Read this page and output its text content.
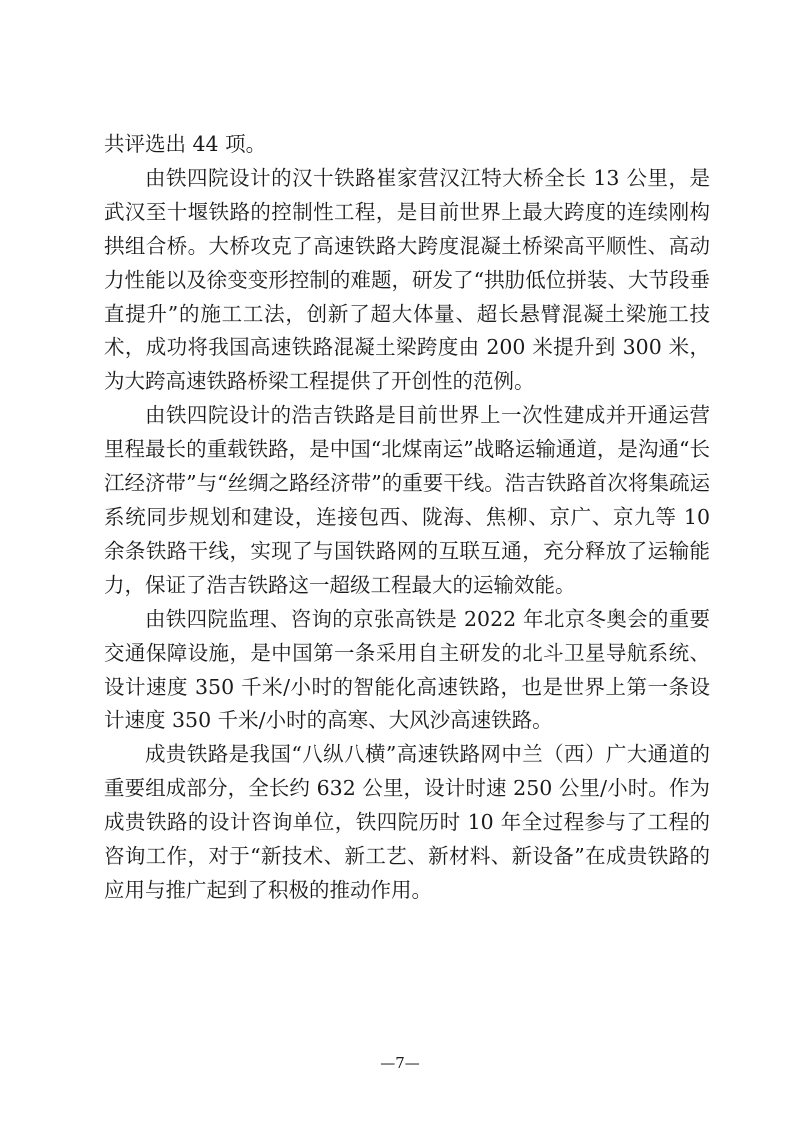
共评选出 44 项。

由铁四院设计的汉十铁路崔家营汉江特大桥全长 13 公里，是武汉至十堰铁路的控制性工程，是目前世界上最大跨度的连续刚构拱组合桥。大桥攻克了高速铁路大跨度混凝土桥梁高平顺性、高动力性能以及徐变变形控制的难题，研发了“拱肋低位拼装、大节段垂直提升”的施工工法，创新了超大体量、超长悬臂混凝土梁施工技术，成功将我国高速铁路混凝土梁跨度由 200 米提升到 300 米，为大跨高速铁路桥梁工程提供了开创性的范例。

由铁四院设计的浩吉铁路是目前世界上一次性建成并开通运营里程最长的重载铁路，是中国“北煤南运”战略运输通道，是沟通“长江经济带”与“丝绸之路经济带”的重要干线。浩吉铁路首次将集疏运系统同步规划和建设，连接包西、陇海、焦柳、京广、京九等 10 余条铁路干线，实现了与国铁路网的互联互通，充分释放了运输能力，保证了浩吉铁路这一超级工程最大的运输效能。

由铁四院监理、咨询的京张高铁是 2022 年北京冬奥会的重要交通保障设施，是中国第一条采用自主研发的北斗卫星导航系统、设计速度 350 千米/小时的智能化高速铁路，也是世界上第一条设计速度 350 千米/小时的高寒、大风沙高速铁路。

成贵铁路是我国“八纵八横”高速铁路网中兰（西）广大通道的重要组成部分，全长约 632 公里，设计时速 250 公里/小时。作为成贵铁路的设计咨询单位，铁四院历时 10 年全过程参与了工程的咨询工作，对于“新技术、新工艺、新材料、新设备”在成贵铁路的应用与推广起到了积极的推动作用。

—7—
